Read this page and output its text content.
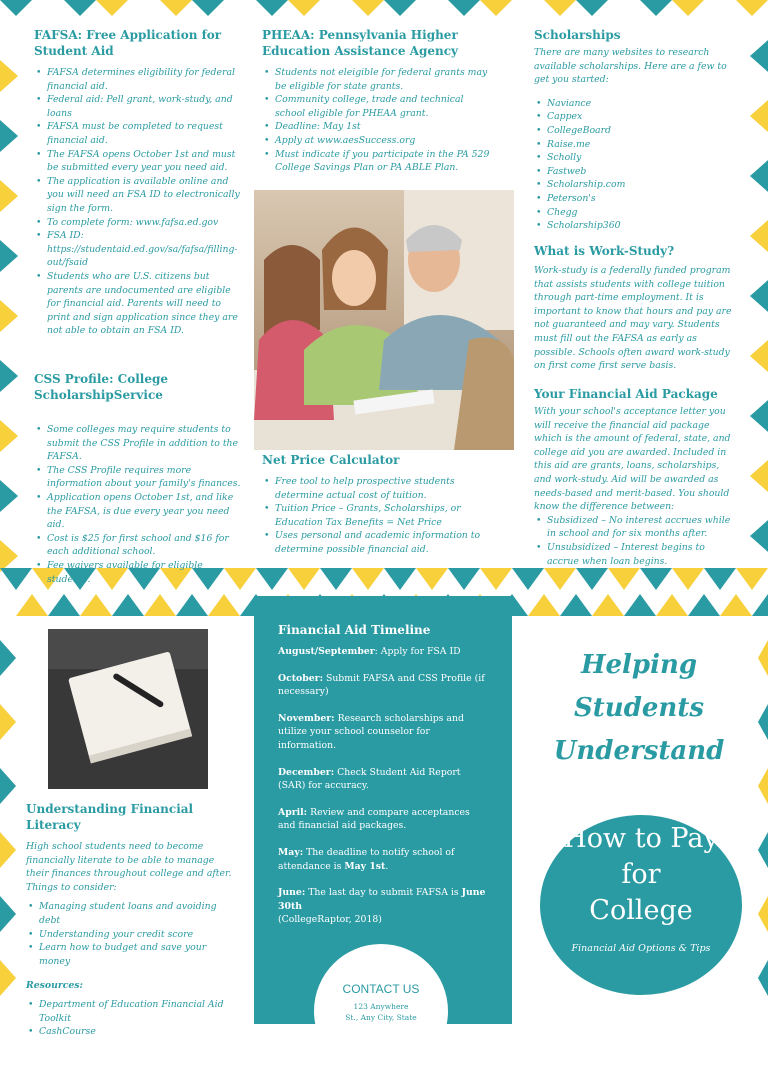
FAFSA: Free Application for Student Aid
• FAFSA determines eligibility for federal financial aid.
• Federal aid: Pell grant, work-study, and loans
• FAFSA must be completed to request financial aid.
• The FAFSA opens October 1st and must be submitted every year you need aid.
• The application is available online and you will need an FSA ID to electronically sign the form.
• To complete form: www.fafsa.ed.gov
• FSA ID: https://studentaid.ed.gov/sa/fafsa/filling-out/fsaid
• Students who are U.S. citizens but parents are undocumented are eligible for financial aid. Parents will need to print and sign application since they are not able to obtain an FSA ID.
CSS Profile: College ScholarshipService
• Some colleges may require students to submit the CSS Profile in addition to the FAFSA.
• The CSS Profile requires more information about your family's finances.
• Application opens October 1st, and like the FAFSA, is due every year you need aid.
• Cost is $25 for first school and $16 for each additional school.
• Fee waivers available for eligible students.
PHEAA: Pennsylvania Higher Education Assistance Agency
• Students not eleigible for federal grants may be eligible for state grants.
• Community college, trade and technical school eligible for PHEAA grant.
• Deadline: May 1st
• Apply at www.aesSuccess.org
• Must indicate if you participate in the PA 529 College Savings Plan or PA ABLE Plan.
Net Price Calculator
• Free tool to help prospective students determine actual cost of tuition.
• Tuition Price – Grants, Scholarships, or Education Tax Benefits = Net Price
• Uses personal and academic information to determine possible financial aid.
Scholarships
There are many websites to research available scholarships. Here are a few to get you started:
• Naviance
• Cappex
• CollegeBoard
• Raise.me
• Scholly
• Fastweb
• Scholarship.com
• Peterson's
• Chegg
• Scholarship360
What is Work-Study?
Work-study is a federally funded program that assists students with college tuition through part-time employment. It is important to know that hours and pay are not guaranteed and may vary. Students must fill out the FAFSA as early as possible. Schools often award work-study on first come first serve basis.
Your Financial Aid Package
With your school's acceptance letter you will receive the financial aid package which is the amount of federal, state, and college aid you are awarded. Included in this aid are grants, loans, scholarships, and work-study. Aid will be awarded as needs-based and merit-based. You should know the difference between:
• Subsidized – No interest accrues while in school and for six months after.
• Unsubsidized – Interest begins to accrue when loan begins.
Understanding Financial Literacy
High school students need to become financially literate to be able to manage their finances throughout college and after. Things to consider:
• Managing student loans and avoiding debt
• Understanding your credit score
• Learn how to budget and save your money
Resources:
• Department of Education Financial Aid Toolkit
• CashCourse
Financial Aid Timeline

August/September: Apply for FSA ID

October: Submit FAFSA and CSS Profile (if necessary)

November: Research scholarships and utilize your school counselor for information.

December: Check Student Aid Report (SAR) for accuracy.

April: Review and compare acceptances and financial aid packages.

May: The deadline to notify school of attendance is May 1st.

June: The last day to submit FAFSA is June 30th

(CollegeRaptor, 2018)
CONTACT US
123 Anywhere
St., Any City, State
Helping
Students
Understand
How to Pay
for
College
Financial Aid Options & Tips
